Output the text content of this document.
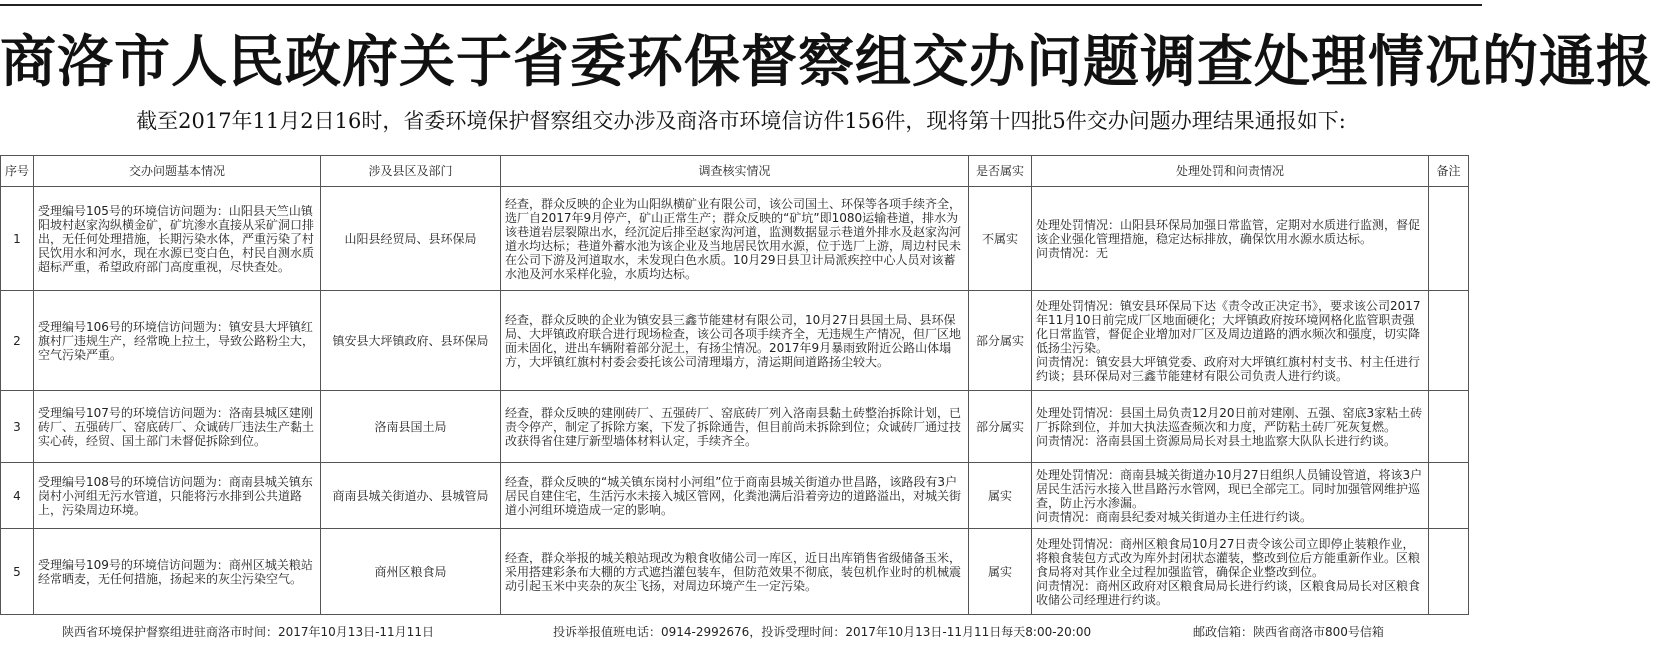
商洛市人民政府关于省委环保督察组交办问题调查处理情况的通报
截至2017年11月2日16时，省委环境保护督察组交办涉及商洛市环境信访件156件，现将第十四批5件交办问题办理结果通报如下:
序号	交办问题基本情况	涉及县区及部门	调查核实情况	是否属实	处理处罚和问责情况	备注
1	受理编号105号的环境信访问题为：山阳县天竺山镇阳坡村赵家沟纵横金矿，矿坑渗水直接从采矿洞口排出，无任何处理措施，长期污染水体，严重污染了村民饮用水和河水，现在水源已变白色，村民自测水质超标严重，希望政府部门高度重视，尽快查处。	山阳县经贸局、县环保局	经查，群众反映的企业为山阳纵横矿业有限公司，该公司国土、环保等各项手续齐全，选厂自2017年9月停产，矿山正常生产；群众反映的“矿坑”即1080运输巷道，排水为该巷道岩层裂隙出水，经沉淀后排至赵家沟河道，监测数据显示巷道外排水及赵家沟河道水均达标；巷道外蓄水池为该企业及当地居民饮用水源，位于选厂上游，周边村民未在公司下游及河道取水，未发现白色水质。10月29日县卫计局派疾控中心人员对该蓄水池及河水采样化验，水质均达标。	不属实	处理处罚情况：山阳县环保局加强日常监管，定期对水质进行监测，督促该企业强化管理措施，稳定达标排放，确保饮用水源水质达标。
问责情况：无	
2	受理编号106号的环境信访问题为：镇安县大坪镇红旗村厂违规生产，经常晚上拉土，导致公路粉尘大，空气污染严重。	镇安县大坪镇政府、县环保局	经查，群众反映的企业为镇安县三鑫节能建材有限公司，10月27日县国土局、县环保局、大坪镇政府联合进行现场检查，该公司各项手续齐全，无违规生产情况，但厂区地面未固化，进出车辆附着部分泥土，有扬尘情况。2017年9月暴雨致附近公路山体塌方，大坪镇红旗村村委会委托该公司清理塌方，清运期间道路扬尘较大。	部分属实	处理处罚情况：镇安县环保局下达《责令改正决定书》，要求该公司2017年11月10日前完成厂区地面硬化；大坪镇政府按环境网格化监管职责强化日常监管，督促企业增加对厂区及周边道路的洒水频次和强度，切实降低扬尘污染。
问责情况：镇安县大坪镇党委、政府对大坪镇红旗村村支书、村主任进行约谈；县环保局对三鑫节能建材有限公司负责人进行约谈。	
3	受理编号107号的环境信访问题为：洛南县城区建刚砖厂、五强砖厂、窑底砖厂、众诚砖厂违法生产黏土实心砖，经贸、国土部门未督促拆除到位。	洛南县国土局	经查，群众反映的建刚砖厂、五强砖厂、窑底砖厂列入洛南县黏土砖整治拆除计划，已责令停产，制定了拆除方案，下发了拆除通告，但目前尚未拆除到位；众诚砖厂通过技改获得省住建厅新型墙体材料认定，手续齐全。	部分属实	处理处罚情况：县国土局负责12月20日前对建刚、五强、窑底3家粘土砖厂拆除到位，并加大执法巡查频次和力度，严防粘土砖厂死灰复燃。
问责情况：洛南县国土资源局局长对县土地监察大队队长进行约谈。	
4	受理编号108号的环境信访问题为：商南县城关镇东岗村小河组无污水管道，只能将污水排到公共道路上，污染周边环境。	商南县城关街道办、县城管局	经查，群众反映的“城关镇东岗村小河组”位于商南县城关街道办世昌路，该路段有3户居民自建住宅，生活污水未接入城区管网，化粪池满后沿着旁边的道路溢出，对城关街道小河组环境造成一定的影响。	属实	处理处罚情况：商南县城关街道办10月27日组织人员铺设管道，将该3户居民生活污水接入世昌路污水管网，现已全部完工。同时加强管网维护巡查，防止污水渗漏。
问责情况：商南县纪委对城关街道办主任进行约谈。	
5	受理编号109号的环境信访问题为：商州区城关粮站经常晒麦，无任何措施，扬起来的灰尘污染空气。	商州区粮食局	经查，群众举报的城关粮站现改为粮食收储公司一库区，近日出库销售省级储备玉米，采用搭建彩条布大棚的方式遮挡灌包装车，但防范效果不彻底，装包机作业时的机械震动引起玉米中夹杂的灰尘飞扬，对周边环境产生一定污染。	属实	处理处罚情况：商州区粮食局10月27日责令该公司立即停止装粮作业，将粮食装包方式改为库外封闭状态灌装，整改到位后方能重新作业。区粮食局将对其作业全过程加强监管，确保企业整改到位。
问责情况：商州区政府对区粮食局局长进行约谈，区粮食局局长对区粮食收储公司经理进行约谈。	
陕西省环境保护督察组进驻商洛市时间：2017年10月13日-11月11日	投诉举报值班电话：0914-2992676，投诉受理时间：2017年10月13日-11月11日每天8:00-20:00	邮政信箱：陕西省商洛市800号信箱
